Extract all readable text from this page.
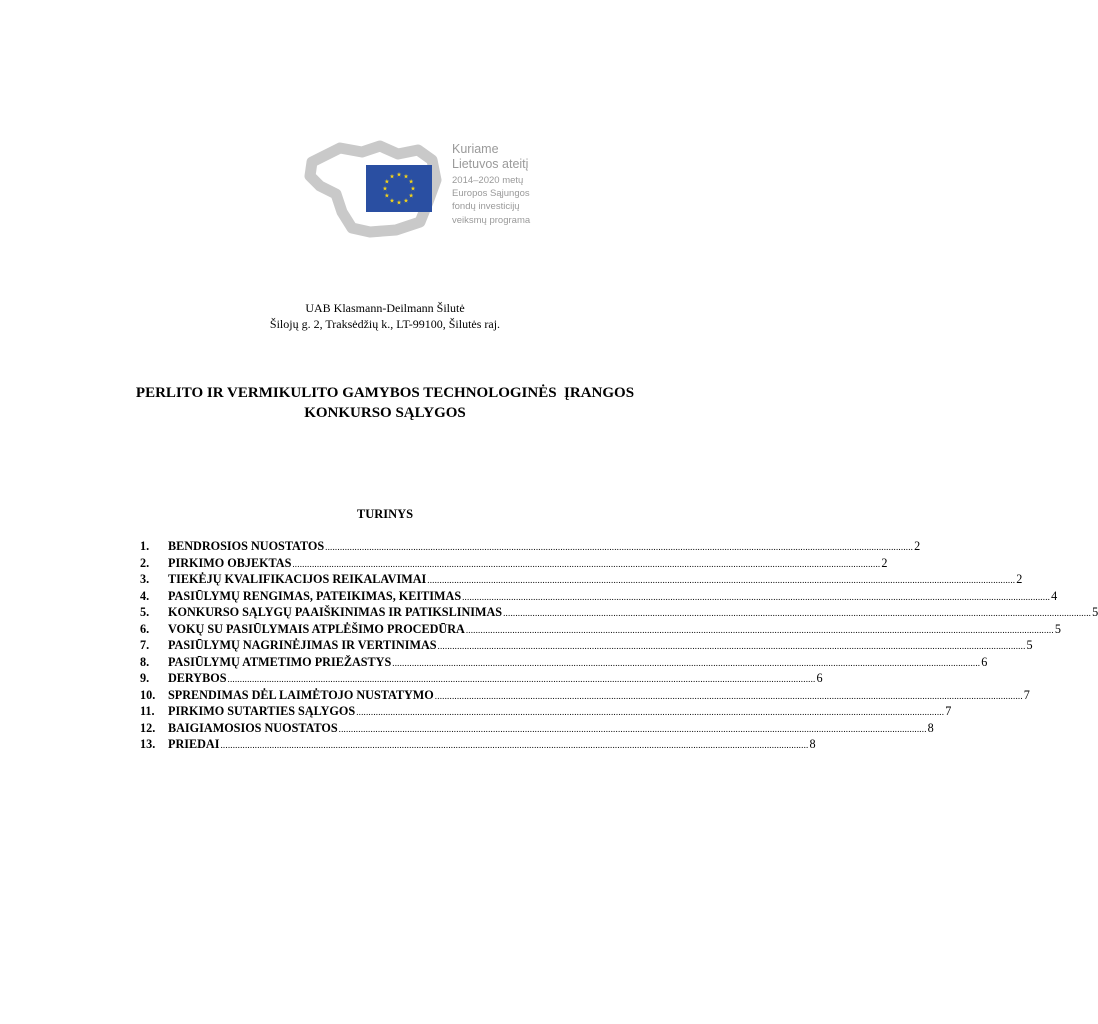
Kuriame
Lietuvos ateitį
2014–2020 metų
Europos Sąjungos
fondų investicijų
veiksmų programa
UAB Klasmann-Deilmann Šilutė
Šilojų g. 2, Traksėdžių k., LT-99100, Šilutės raj.
PERLITO IR VERMIKULITO GAMYBOS TECHNOLOGINĖS  ĮRANGOS
KONKURSO SĄLYGOS
TURINYS
1.	BENDROSIOS NUOSTATOS ................................................................................................................................................................................................................................................ 2
2.	PIRKIMO OBJEKTAS ................................................................................................................................................................................................................................................ 2
3.	TIEKĖJŲ KVALIFIKACIJOS REIKALAVIMAI ................................................................................................................................................................................................................................................ 2
4.	PASIŪLYMŲ RENGIMAS, PATEIKIMAS, KEITIMAS ................................................................................................................................................................................................................................................ 4
5.	KONKURSO SĄLYGŲ PAAIŠKINIMAS IR PATIKSLINIMAS ................................................................................................................................................................................................................................................ 5
6.	VOKŲ SU PASIŪLYMAIS ATPLĖŠIMO PROCEDŪRA ................................................................................................................................................................................................................................................ 5
7.	PASIŪLYMŲ NAGRINĖJIMAS IR VERTINIMAS ................................................................................................................................................................................................................................................ 5
8.	PASIŪLYMŲ ATMETIMO PRIEŽASTYS ................................................................................................................................................................................................................................................ 6
9.	DERYBOS ................................................................................................................................................................................................................................................ 6
10.	SPRENDIMAS DĖL LAIMĖTOJO NUSTATYMO ................................................................................................................................................................................................................................................ 7
11.	PIRKIMO SUTARTIES SĄLYGOS ................................................................................................................................................................................................................................................ 7
12.	BAIGIAMOSIOS NUOSTATOS ................................................................................................................................................................................................................................................ 8
13.	PRIEDAI ................................................................................................................................................................................................................................................ 8
